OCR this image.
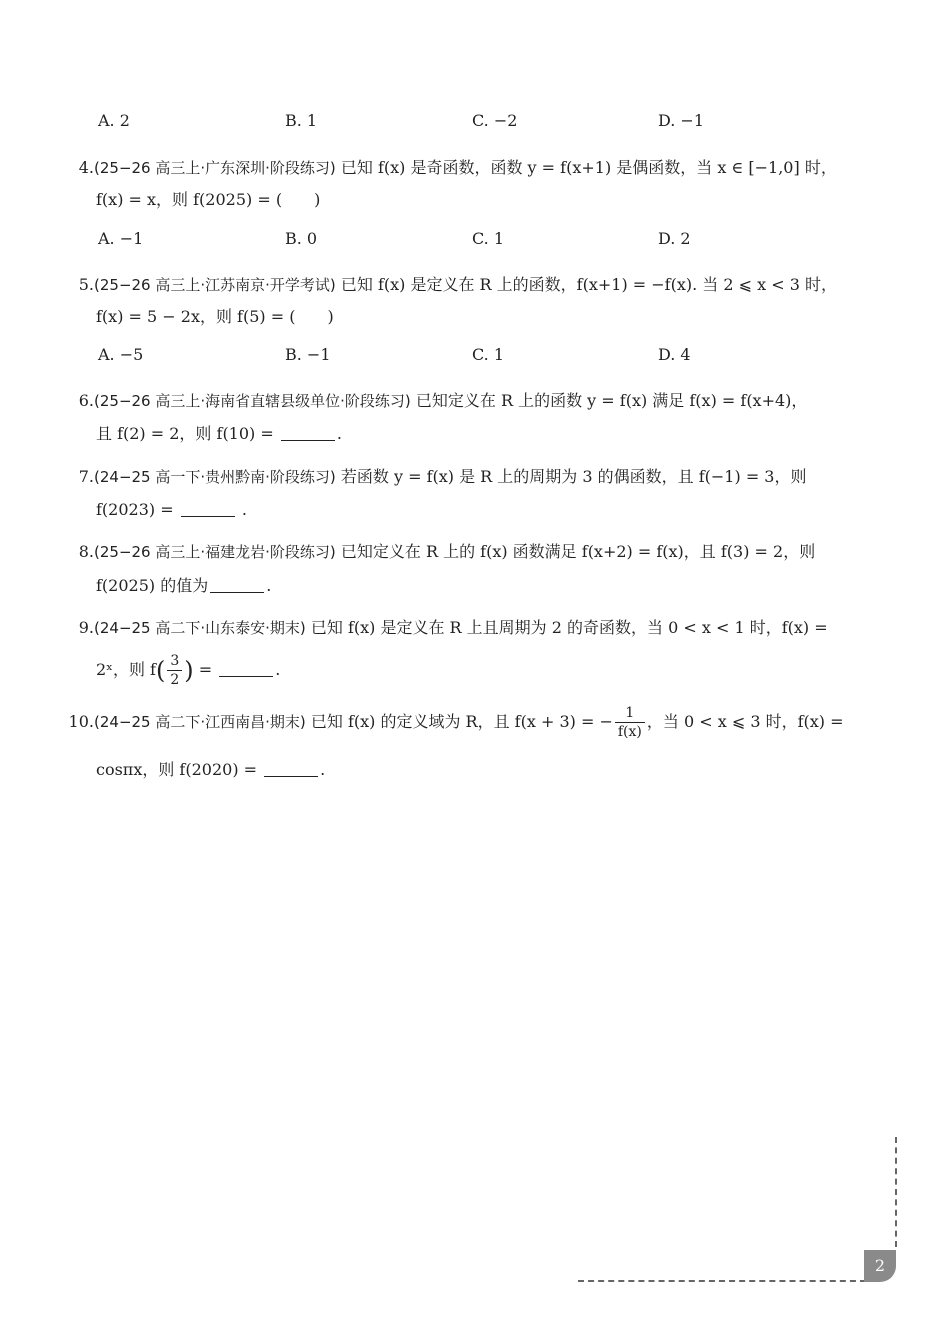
A. 2	B. 1	C. −2	D. −1
4.(25−26 高三上·广东深圳·阶段练习) 已知 f(x) 是奇函数，函数 y = f(x+1) 是偶函数，当 x ∈ [−1,0] 时，
f(x) = x，则 f(2025) = (　　)
A. −1	B. 0	C. 1	D. 2
5.(25−26 高三上·江苏南京·开学考试) 已知 f(x) 是定义在 R 上的函数，f(x+1) = −f(x). 当 2 ⩽ x < 3 时，
f(x) = 5 − 2x，则 f(5) = (　　)
A. −5	B. −1	C. 1	D. 4
6.(25−26 高三上·海南省直辖县级单位·阶段练习) 已知定义在 R 上的函数 y = f(x) 满足 f(x) = f(x+4)，
且 f(2) = 2，则 f(10) =	.
7.(24−25 高一下·贵州黔南·阶段练习) 若函数 y = f(x) 是 R 上的周期为 3 的偶函数，且 f(−1) = 3，则
f(2023) =	.
8.(25−26 高三上·福建龙岩·阶段练习) 已知定义在 R 上的 f(x) 函数满足 f(x+2) = f(x)，且 f(3) = 2，则
f(2025) 的值为	.
9.(24−25 高二下·山东泰安·期末) 已知 f(x) 是定义在 R 上且周期为 2 的奇函数，当 0 < x < 1 时，f(x) =
2ˣ，则 $f( \frac{3}{2}$ ) =	.
10.(24−25 高二下·江西南昌·期末) 已知 f(x) 的定义域为 R，且 f(x + 3) = − $\frac{1}{f(x)}$ ，当 0 < x ⩽ 3 时，f(x) =
cosπx，则 f(2020) =	.
2
